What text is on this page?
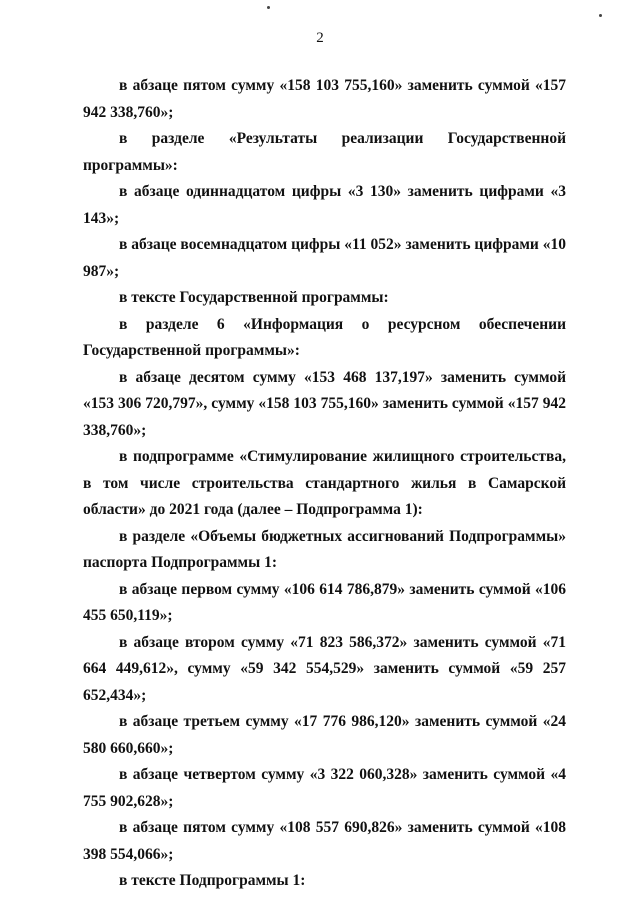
2

в абзаце пятом сумму «158 103 755,160» заменить суммой «157 942 338,760»;

в разделе «Результаты реализации Государственной программы»:

в абзаце одиннадцатом цифры «3 130» заменить цифрами «3 143»;

в абзаце восемнадцатом цифры «11 052» заменить цифрами «10 987»;

в тексте Государственной программы:

в разделе 6 «Информация о ресурсном обеспечении Государственной программы»:

в абзаце десятом сумму «153 468 137,197» заменить суммой «153 306 720,797», сумму «158 103 755,160» заменить суммой «157 942 338,760»;

в подпрограмме «Стимулирование жилищного строительства, в том числе строительства стандартного жилья в Самарской области» до 2021 года (далее – Подпрограмма 1):

в разделе «Объемы бюджетных ассигнований Подпрограммы» паспорта Подпрограммы 1:

в абзаце первом сумму «106 614 786,879» заменить суммой «106 455 650,119»;

в абзаце втором сумму «71 823 586,372» заменить суммой «71 664 449,612», сумму «59 342 554,529» заменить суммой «59 257 652,434»;

в абзаце третьем сумму «17 776 986,120» заменить суммой «24 580 660,660»;

в абзаце четвертом сумму «3 322 060,328» заменить суммой «4 755 902,628»;

в абзаце пятом сумму «108 557 690,826» заменить суммой «108 398 554,066»;

в тексте Подпрограммы 1:
